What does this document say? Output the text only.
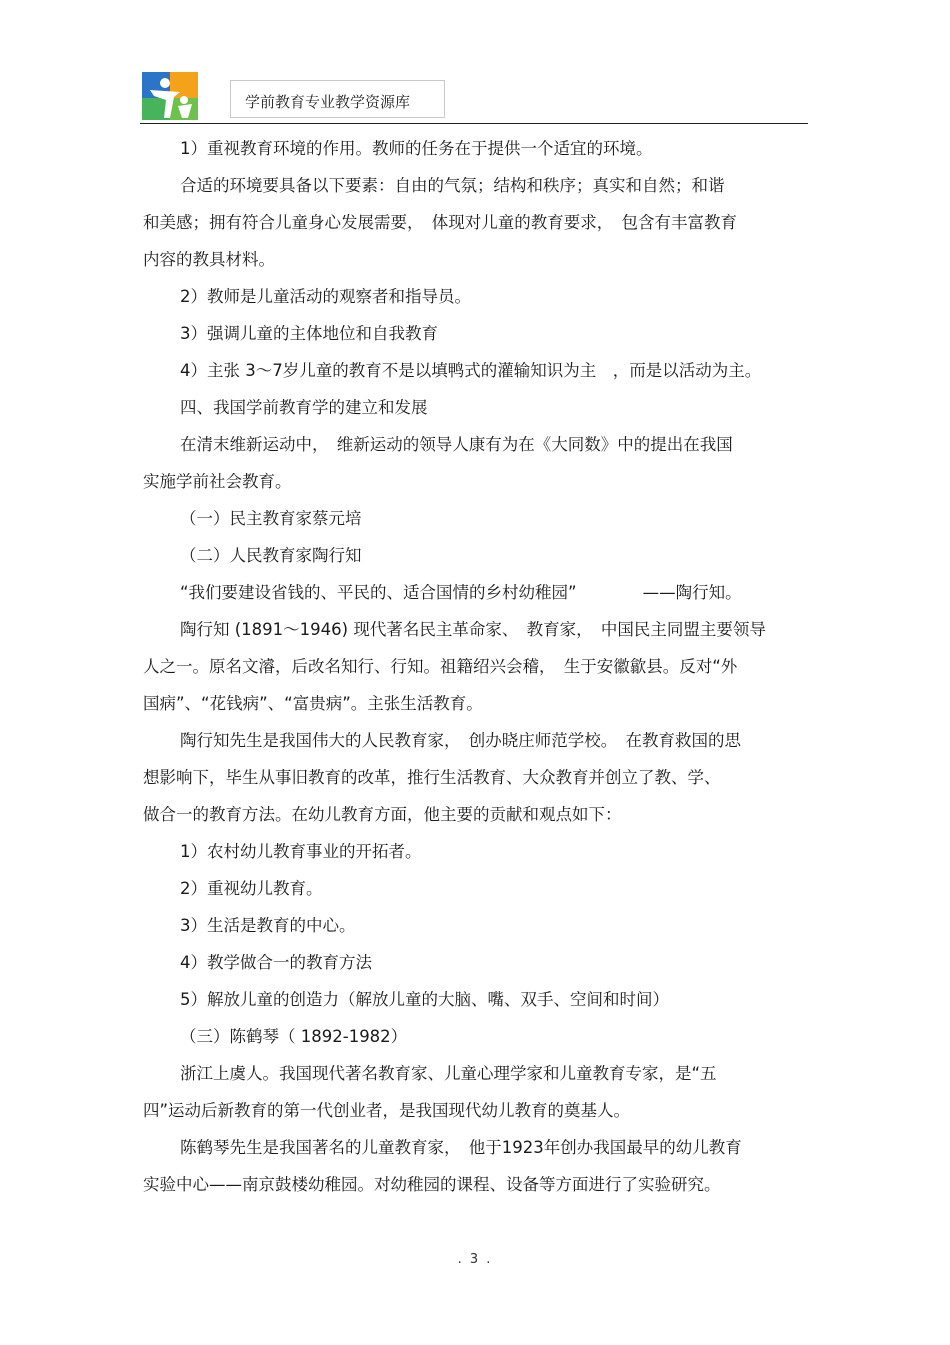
学前教育专业教学资源库

1）重视教育环境的作用。教师的任务在于提供一个适宜的环境。

合适的环境要具备以下要素：自由的气氛；结构和秩序；真实和自然；和谐

和美感；拥有符合儿童身心发展需要，　体现对儿童的教育要求，　包含有丰富教育

内容的教具材料。

2）教师是儿童活动的观察者和指导员。

3）强调儿童的主体地位和自我教育

4）主张 3～7岁儿童的教育不是以填鸭式的灌输知识为主　，而是以活动为主。

四、我国学前教育学的建立和发展

在清末维新运动中，　维新运动的领导人康有为在《大同数》中的提出在我国

实施学前社会教育。

（一）民主教育家蔡元培

（二）人民教育家陶行知

“我们要建设省钱的、平民的、适合国情的乡村幼稚园”　　　　——陶行知。

陶行知 (1891～1946) 现代著名民主革命家、　教育家，　中国民主同盟主要领导

人之一。原名文濬，后改名知行、行知。祖籍绍兴会稽，　生于安徽歙县。反对“外

国病”、“花钱病”、“富贵病”。主张生活教育。

陶行知先生是我国伟大的人民教育家，　创办晓庄师范学校。　在教育救国的思

想影响下，毕生从事旧教育的改革，推行生活教育、大众教育并创立了教、学、

做合一的教育方法。在幼儿教育方面，他主要的贡献和观点如下：

1）农村幼儿教育事业的开拓者。

2）重视幼儿教育。

3）生活是教育的中心。

4）教学做合一的教育方法

5）解放儿童的创造力（解放儿童的大脑、嘴、双手、空间和时间）

（三）陈鹤琴（ 1892-1982）

浙江上虞人。我国现代著名教育家、儿童心理学家和儿童教育专家，是“五

四”运动后新教育的第一代创业者，是我国现代幼儿教育的奠基人。

陈鹤琴先生是我国著名的儿童教育家，　他于1923年创办我国最早的幼儿教育

实验中心——南京鼓楼幼稚园。对幼稚园的课程、设备等方面进行了实验研究。

. 3 .
